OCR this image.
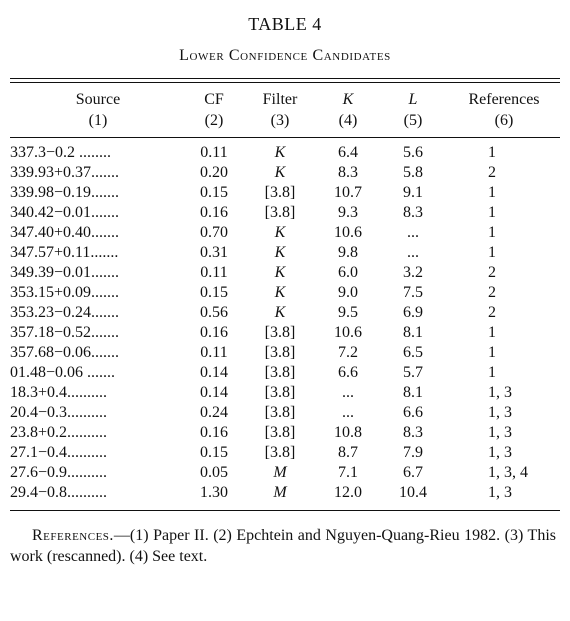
TABLE 4
Lower Confidence Candidates
Source	CF	Filter	K	L	References
(1)	(2)	(3)	(4)	(5)	(6)
337.3−0.2 ........	0.11	K	6.4	5.6	1
339.93+0.37.......	0.20	K	8.3	5.8	2
339.98−0.19.......	0.15	[3.8]	10.7	9.1	1
340.42−0.01.......	0.16	[3.8]	9.3	8.3	1
347.40+0.40.......	0.70	K	10.6	...	1
347.57+0.11.......	0.31	K	9.8	...	1
349.39−0.01.......	0.11	K	6.0	3.2	2
353.15+0.09.......	0.15	K	9.0	7.5	2
353.23−0.24.......	0.56	K	9.5	6.9	2
357.18−0.52.......	0.16	[3.8]	10.6	8.1	1
357.68−0.06.......	0.11	[3.8]	7.2	6.5	1
01.48−0.06 .......	0.14	[3.8]	6.6	5.7	1
18.3+0.4..........	0.14	[3.8]	...	8.1	1, 3
20.4−0.3..........	0.24	[3.8]	...	6.6	1, 3
23.8+0.2..........	0.16	[3.8]	10.8	8.3	1, 3
27.1−0.4..........	0.15	[3.8]	8.7	7.9	1, 3
27.6−0.9..........	0.05	M	7.1	6.7	1, 3, 4
29.4−0.8..........	1.30	M	12.0	10.4	1, 3

References.—(1) Paper II. (2) Epchtein and Nguyen-Quang-Rieu 1982. (3) This work (rescanned). (4) See text.
